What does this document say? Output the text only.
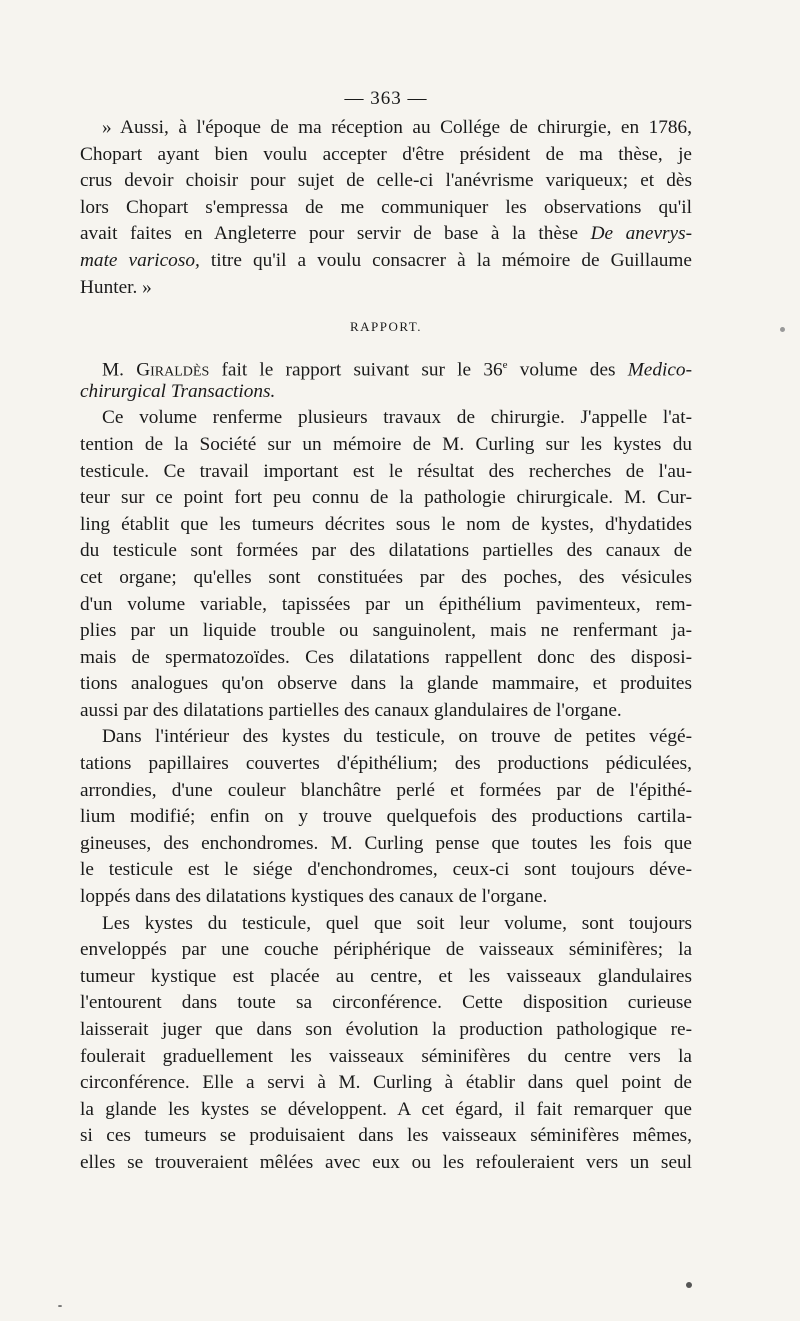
— 363 —
» Aussi, à l'époque de ma réception au Collége de chirurgie, en 1786,
Chopart ayant bien voulu accepter d'être président de ma thèse, je
crus devoir choisir pour sujet de celle-ci l'anévrisme variqueux; et dès
lors Chopart s'empressa de me communiquer les observations qu'il
avait faites en Angleterre pour servir de base à la thèse De anevrys-
mate varicoso, titre qu'il a voulu consacrer à la mémoire de Guillaume
Hunter. »
RAPPORT.
M. Giraldès fait le rapport suivant sur le 36e volume des Medico-
chirurgical Transactions.
Ce volume renferme plusieurs travaux de chirurgie. J'appelle l'at-
tention de la Société sur un mémoire de M. Curling sur les kystes du
testicule. Ce travail important est le résultat des recherches de l'au-
teur sur ce point fort peu connu de la pathologie chirurgicale. M. Cur-
ling établit que les tumeurs décrites sous le nom de kystes, d'hydatides
du testicule sont formées par des dilatations partielles des canaux de
cet organe; qu'elles sont constituées par des poches, des vésicules
d'un volume variable, tapissées par un épithélium pavimenteux, rem-
plies par un liquide trouble ou sanguinolent, mais ne renfermant ja-
mais de spermatozoïdes. Ces dilatations rappellent donc des disposi-
tions analogues qu'on observe dans la glande mammaire, et produites
aussi par des dilatations partielles des canaux glandulaires de l'organe.
Dans l'intérieur des kystes du testicule, on trouve de petites végé-
tations papillaires couvertes d'épithélium; des productions pédiculées,
arrondies, d'une couleur blanchâtre perlé et formées par de l'épithé-
lium modifié; enfin on y trouve quelquefois des productions cartila-
gineuses, des enchondromes. M. Curling pense que toutes les fois que
le testicule est le siége d'enchondromes, ceux-ci sont toujours déve-
loppés dans des dilatations kystiques des canaux de l'organe.
Les kystes du testicule, quel que soit leur volume, sont toujours
enveloppés par une couche périphérique de vaisseaux séminifères; la
tumeur kystique est placée au centre, et les vaisseaux glandulaires
l'entourent dans toute sa circonférence. Cette disposition curieuse
laisserait juger que dans son évolution la production pathologique re-
foulerait graduellement les vaisseaux séminifères du centre vers la
circonférence. Elle a servi à M. Curling à établir dans quel point de
la glande les kystes se développent. A cet égard, il fait remarquer que
si ces tumeurs se produisaient dans les vaisseaux séminifères mêmes,
elles se trouveraient mêlées avec eux ou les refouleraient vers un seul
